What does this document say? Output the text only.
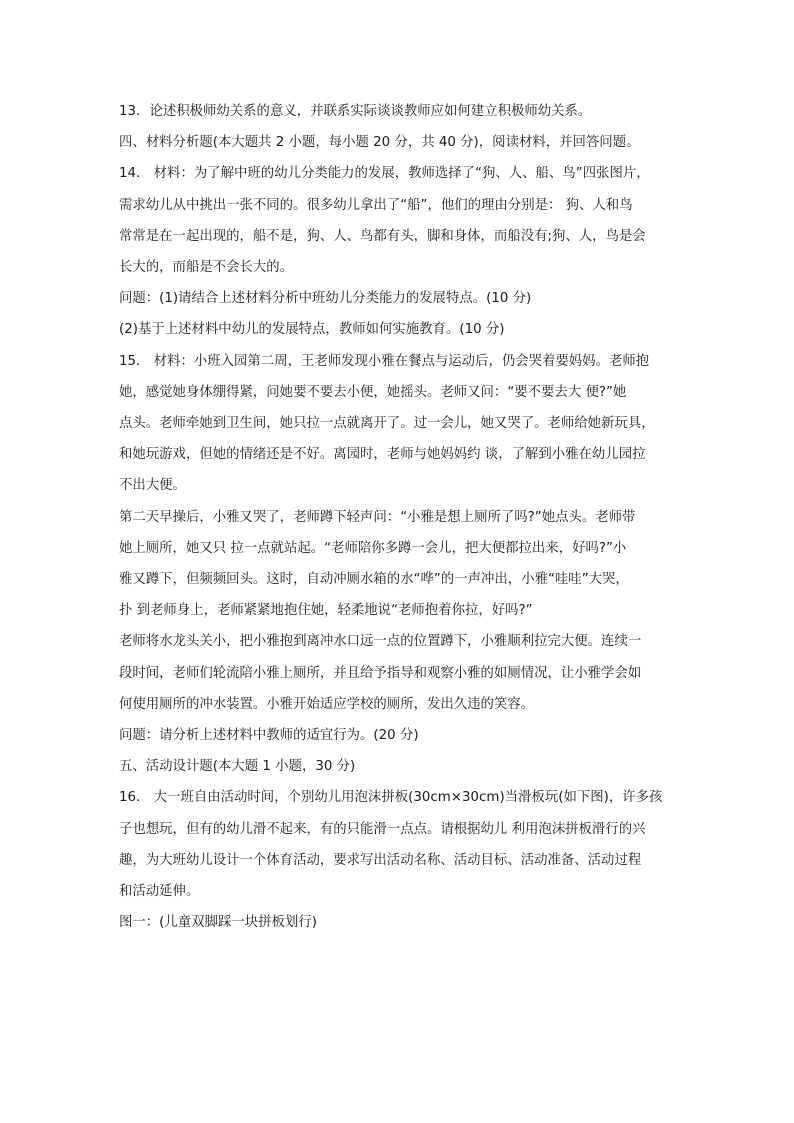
13．论述积极师幼关系的意义，并联系实际谈谈教师应如何建立积极师幼关系。
四、材料分析题(本大题共 2 小题，每小题 20 分，共 40 分)，阅读材料，并回答问题。
14． 材料：为了解中班的幼儿分类能力的发展，教师选择了“狗、人、船、鸟”四张图片，
需求幼儿从中挑出一张不同的。很多幼儿拿出了“船”，他们的理由分别是： 狗、人和鸟
常常是在一起出现的，船不是，狗、人、鸟都有头，脚和身体，而船没有;狗、人，鸟是会
长大的，而船是不会长大的。
问题：(1)请结合上述材料分析中班幼儿分类能力的发展特点。(10 分)
(2)基于上述材料中幼儿的发展特点，教师如何实施教育。(10 分)
15． 材料：小班入园第二周，王老师发现小雅在餐点与运动后，仍会哭着要妈妈。老师抱
她，感觉她身体绷得紧，问她要不要去小便，她摇头。老师又问：“要不要去大 便?”她
点头。老师牵她到卫生间，她只拉一点就离开了。过一会儿，她又哭了。老师给她新玩具，
和她玩游戏，但她的情绪还是不好。离园时，老师与她妈妈约 谈，了解到小雅在幼儿园拉
不出大便。
第二天早操后，小雅又哭了，老师蹲下轻声问：“小雅是想上厕所了吗?”她点头。老师带
她上厕所，她又只 拉一点就站起。“老师陪你多蹲一会儿，把大便都拉出来，好吗?”小
雅又蹲下，但频频回头。这时，自动冲厕水箱的水“哗”的一声冲出，小雅“哇哇”大哭，
扑 到老师身上，老师紧紧地抱住她，轻柔地说“老师抱着你拉，好吗?”
老师将水龙头关小，把小雅抱到离冲水口远一点的位置蹲下，小雅顺利拉完大便。连续一
段时间，老师们轮流陪小雅上厕所，并且给予指导和观察小雅的如厕情况，让小雅学会如
何使用厕所的冲水装置。小雅开始适应学校的厕所，发出久违的笑容。
问题：请分析上述材料中教师的适宜行为。(20 分)
五、活动设计题(本大题 1 小题，30 分)
16． 大一班自由活动时间，个别幼儿用泡沫拼板(30cm×30cm)当滑板玩(如下图)，许多孩
子也想玩，但有的幼儿滑不起来，有的只能滑一点点。请根据幼儿 利用泡沫拼板滑行的兴
趣，为大班幼儿设计一个体育活动，要求写出活动名称、活动目标、活动准备、活动过程
和活动延伸。
图一：(儿童双脚踩一块拼板划行)
